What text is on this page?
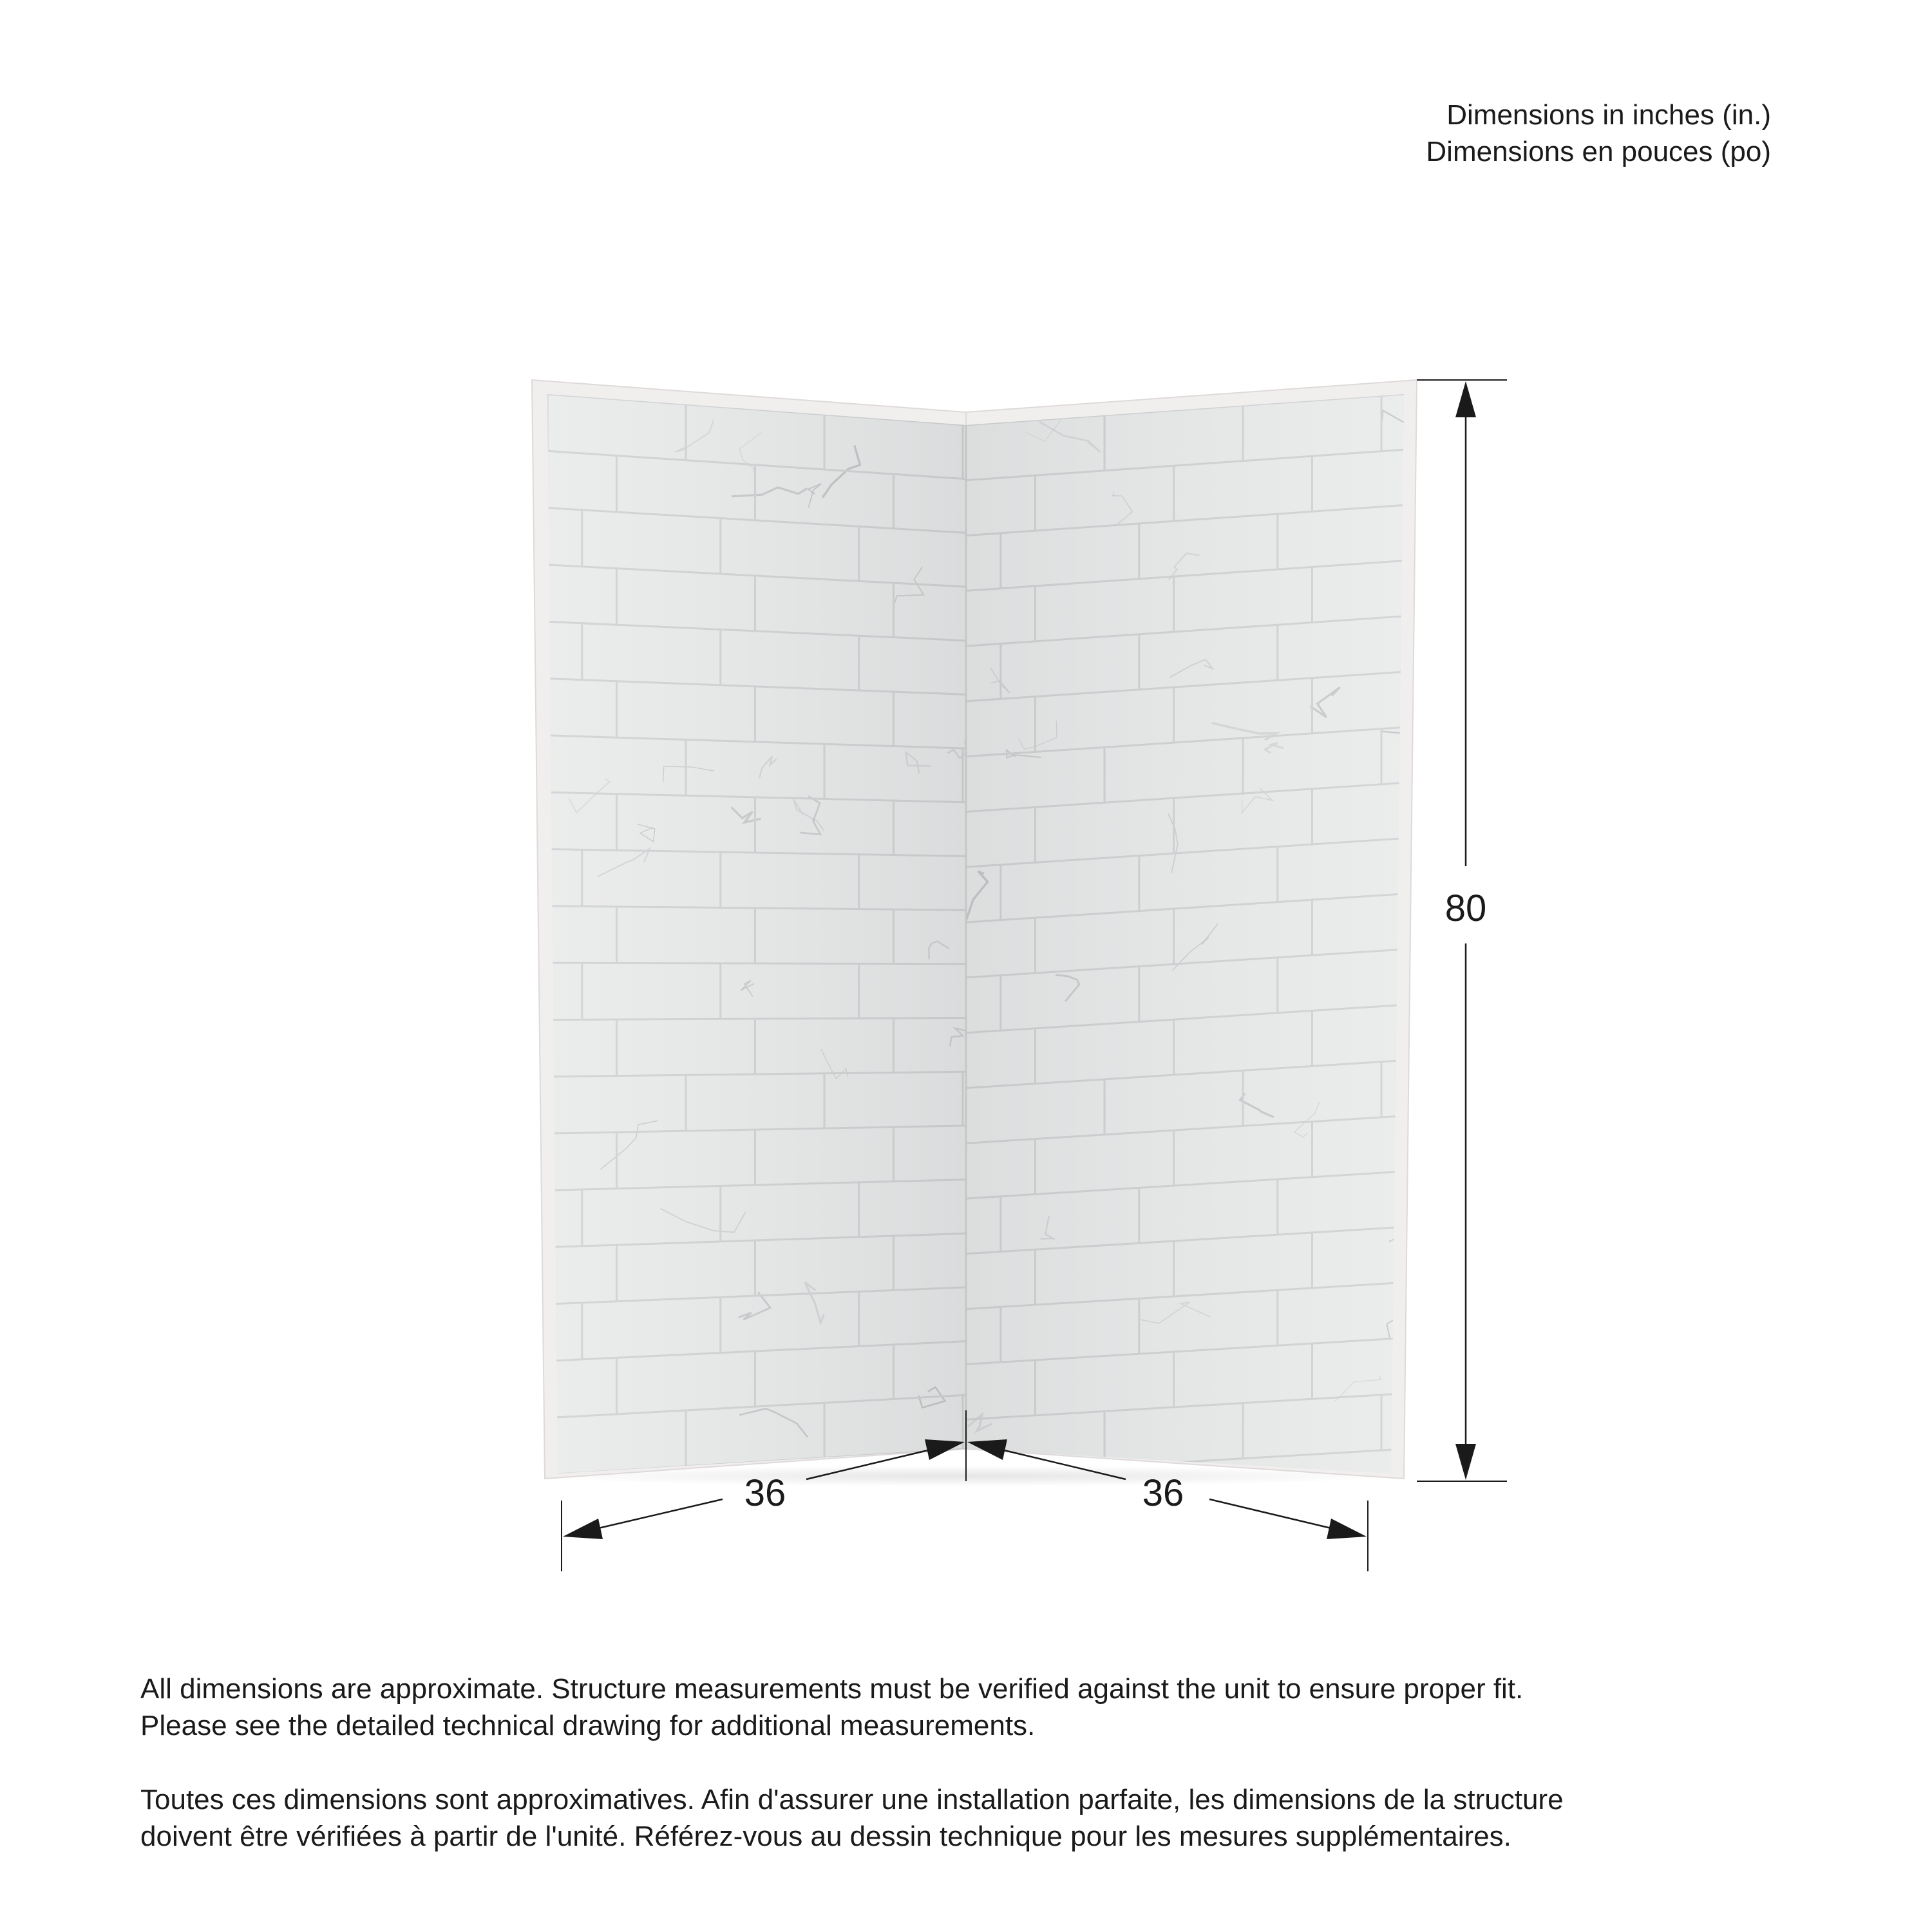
Dimensions in inches (in.)
Dimensions en pouces (po)
80
36	36

All dimensions are approximate. Structure measurements must be verified against the unit to ensure proper fit.
Please see the detailed technical drawing for additional measurements.

Toutes ces dimensions sont approximatives. Afin d'assurer une installation parfaite, les dimensions de la structure
doivent être vérifiées à partir de l'unité. Référez-vous au dessin technique pour les mesures supplémentaires.
